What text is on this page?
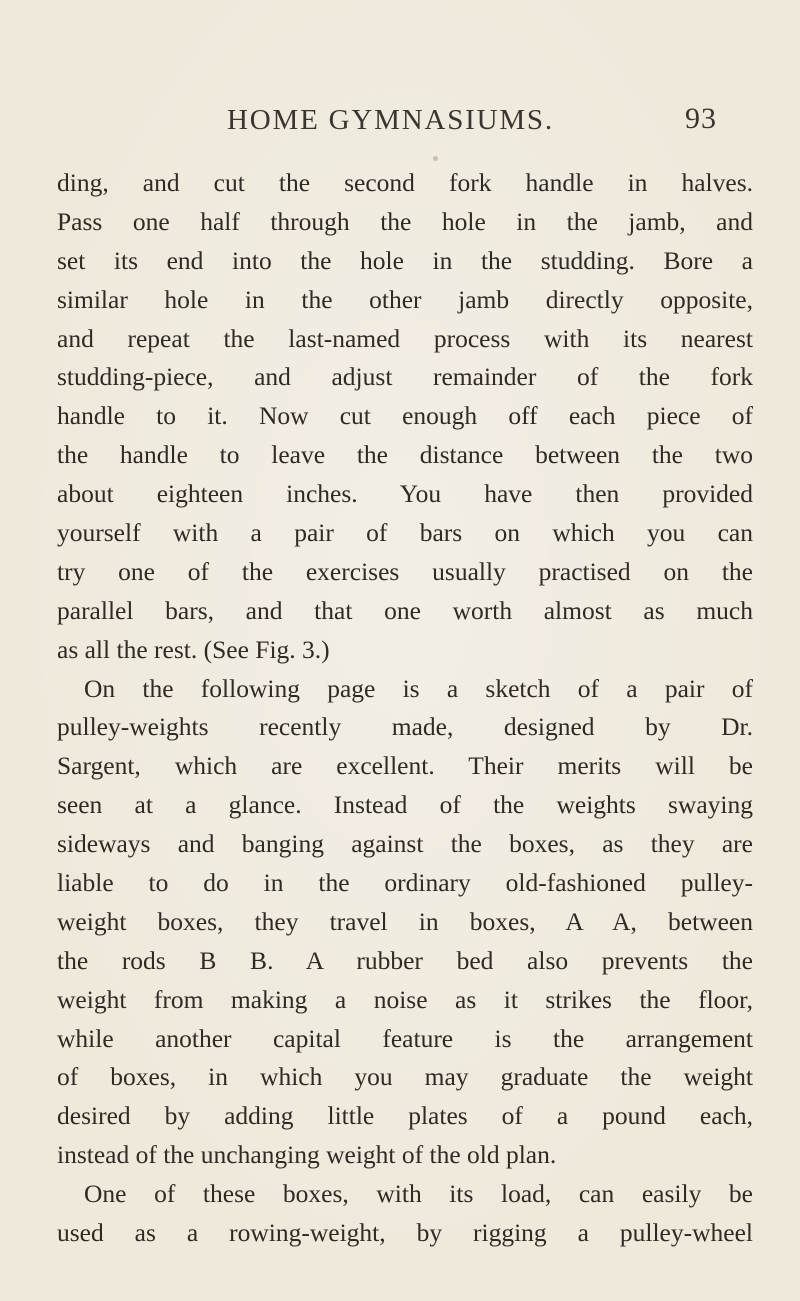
HOME GYMNASIUMS.	93
ding, and cut the second fork handle in halves.
Pass one half through the hole in the jamb, and
set its end into the hole in the studding. Bore a
similar hole in the other jamb directly opposite,
and repeat the last-named process with its nearest
studding-piece, and adjust remainder of the fork
handle to it. Now cut enough off each piece of
the handle to leave the distance between the two
about eighteen inches. You have then provided
yourself with a pair of bars on which you can
try one of the exercises usually practised on the
parallel bars, and that one worth almost as much
as all the rest. (See Fig. 3.)
On the following page is a sketch of a pair of
pulley-weights recently made, designed by Dr.
Sargent, which are excellent. Their merits will be
seen at a glance. Instead of the weights swaying
sideways and banging against the boxes, as they are
liable to do in the ordinary old-fashioned pulley-
weight boxes, they travel in boxes, A A, between
the rods B B. A rubber bed also prevents the
weight from making a noise as it strikes the floor,
while another capital feature is the arrangement
of boxes, in which you may graduate the weight
desired by adding little plates of a pound each,
instead of the unchanging weight of the old plan.
One of these boxes, with its load, can easily be
used as a rowing-weight, by rigging a pulley-wheel
